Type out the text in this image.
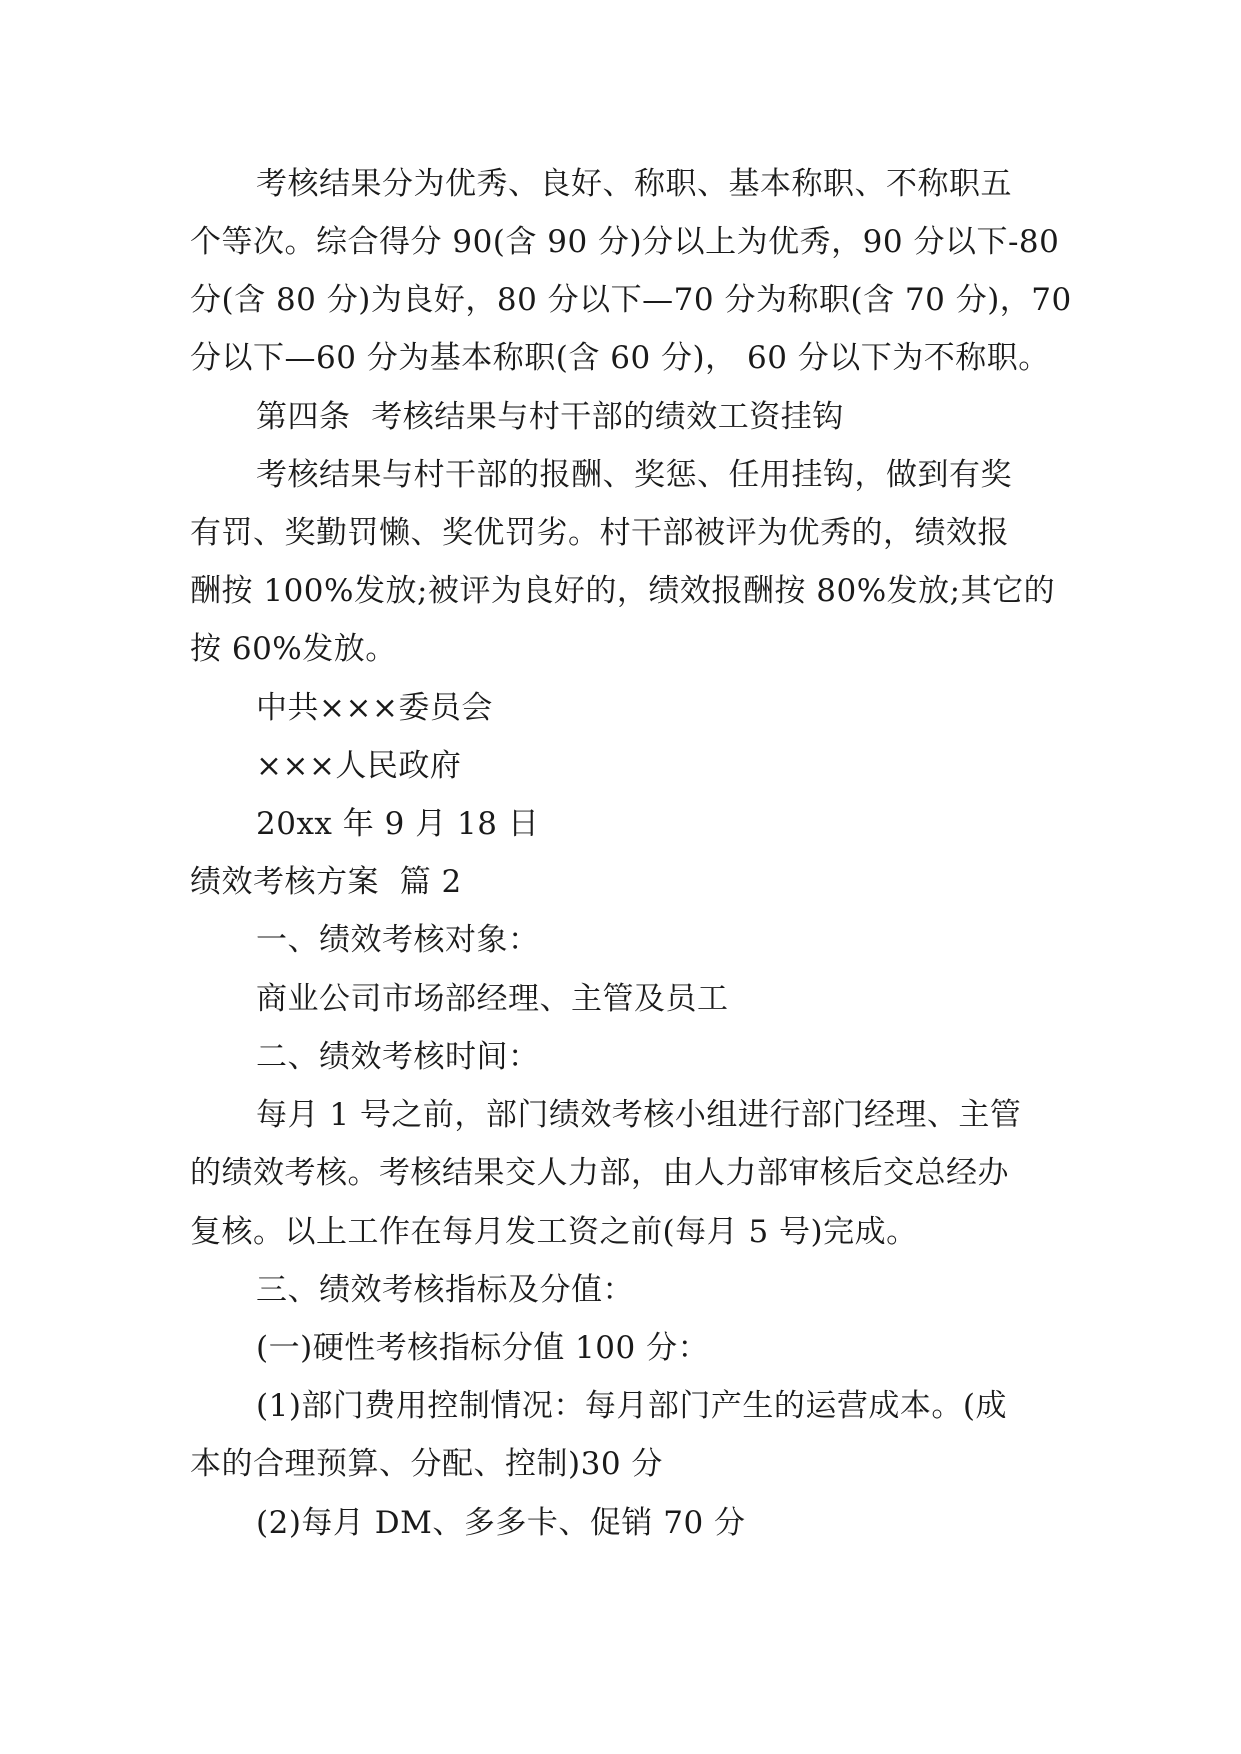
考核结果分为优秀、良好、称职、基本称职、不称职五
个等次。综合得分 90(含 90 分)分以上为优秀，90 分以下-80
分(含 80 分)为良好，80 分以下—70 分为称职(含 70 分)，70
分以下—60 分为基本称职(含 60 分)， 60 分以下为不称职。
第四条  考核结果与村干部的绩效工资挂钩
考核结果与村干部的报酬、奖惩、任用挂钩，做到有奖
有罚、奖勤罚懒、奖优罚劣。村干部被评为优秀的，绩效报
酬按 100%发放;被评为良好的，绩效报酬按 80%发放;其它的
按 60%发放。
中共×××委员会
×××人民政府
20xx 年 9 月 18 日
绩效考核方案  篇 2
一、绩效考核对象：
商业公司市场部经理、主管及员工
二、绩效考核时间：
每月 1 号之前，部门绩效考核小组进行部门经理、主管
的绩效考核。考核结果交人力部，由人力部审核后交总经办
复核。以上工作在每月发工资之前(每月 5 号)完成。
三、绩效考核指标及分值：
(一)硬性考核指标分值 100 分：
(1)部门费用控制情况：每月部门产生的运营成本。(成
本的合理预算、分配、控制)30 分
(2)每月 DM、多多卡、促销 70 分
